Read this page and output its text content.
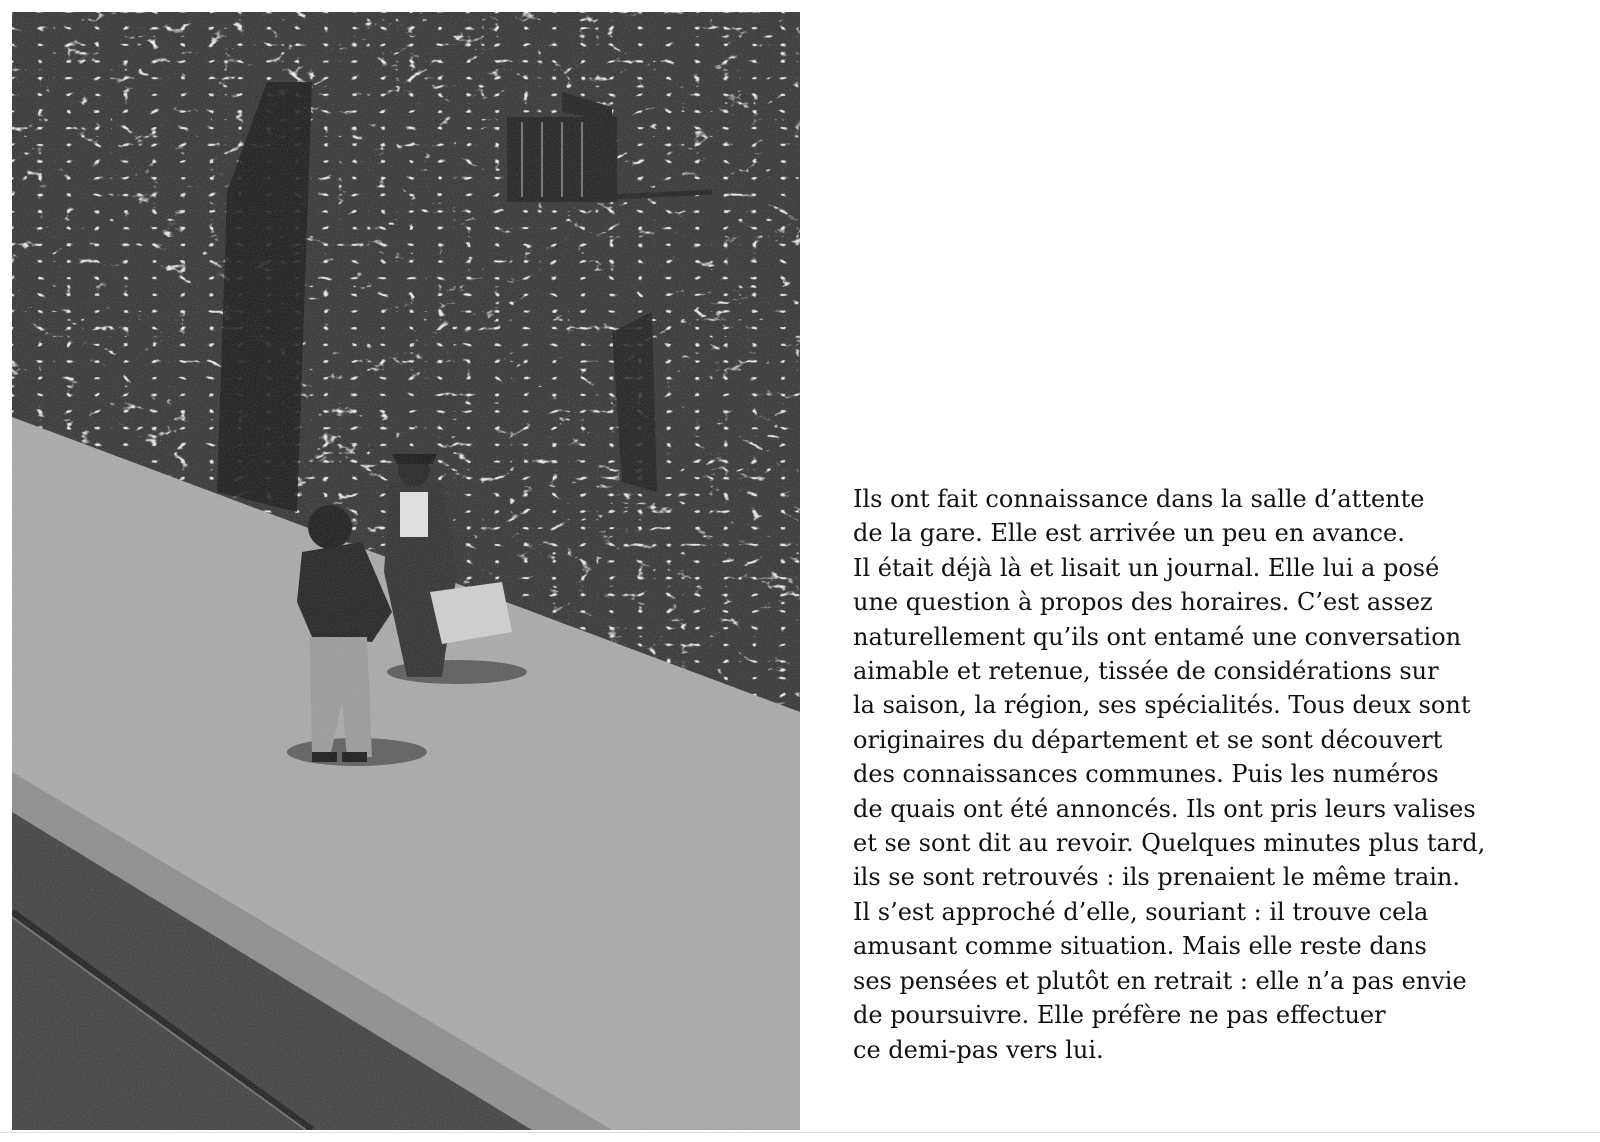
Ils ont fait connaissance dans la salle d’attente
de la gare. Elle est arrivée un peu en avance.
Il était déjà là et lisait un journal. Elle lui a posé
une question à propos des horaires. C’est assez
naturellement qu’ils ont entamé une conversation
aimable et retenue, tissée de considérations sur
la saison, la région, ses spécialités. Tous deux sont
originaires du département et se sont découvert
des connaissances communes. Puis les numéros
de quais ont été annoncés. Ils ont pris leurs valises
et se sont dit au revoir. Quelques minutes plus tard,
ils se sont retrouvés : ils prenaient le même train.
Il s’est approché d’elle, souriant : il trouve cela
amusant comme situation. Mais elle reste dans
ses pensées et plutôt en retrait : elle n’a pas envie
de poursuivre. Elle préfère ne pas effectuer
ce demi-pas vers lui.
